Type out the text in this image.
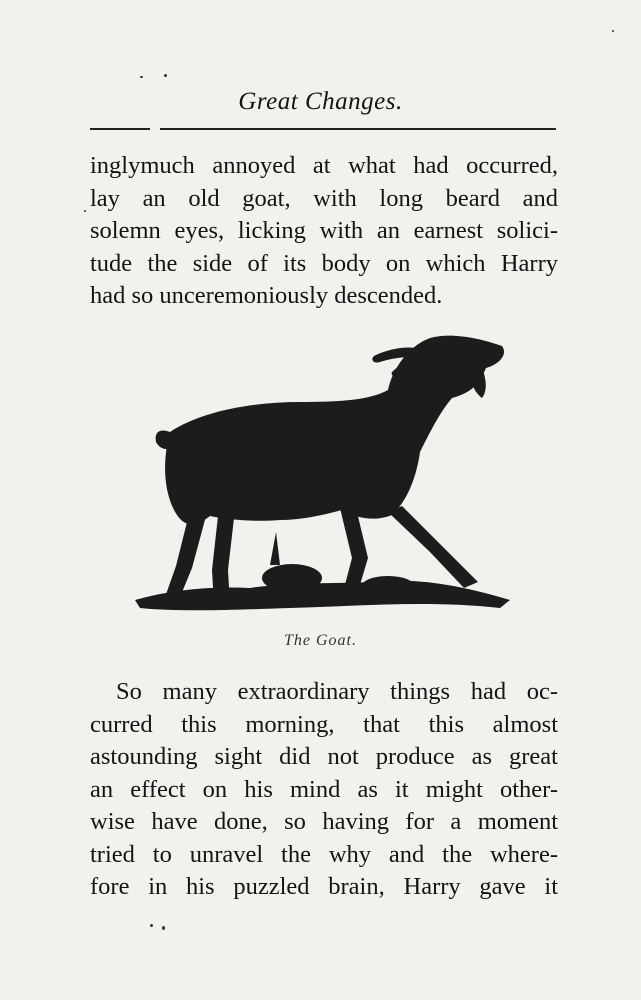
Great Changes.
inglymuch annoyed at what had occurred,
lay an old goat, with long beard and
solemn eyes, licking with an earnest solici-
tude the side of its body on which Harry
had so unceremoniously descended.
The Goat.
So many extraordinary things had oc-
curred this morning, that this almost
astounding sight did not produce as great
an effect on his mind as it might other-
wise have done, so having for a moment
tried to unravel the why and the where-
fore in his puzzled brain, Harry gave it
